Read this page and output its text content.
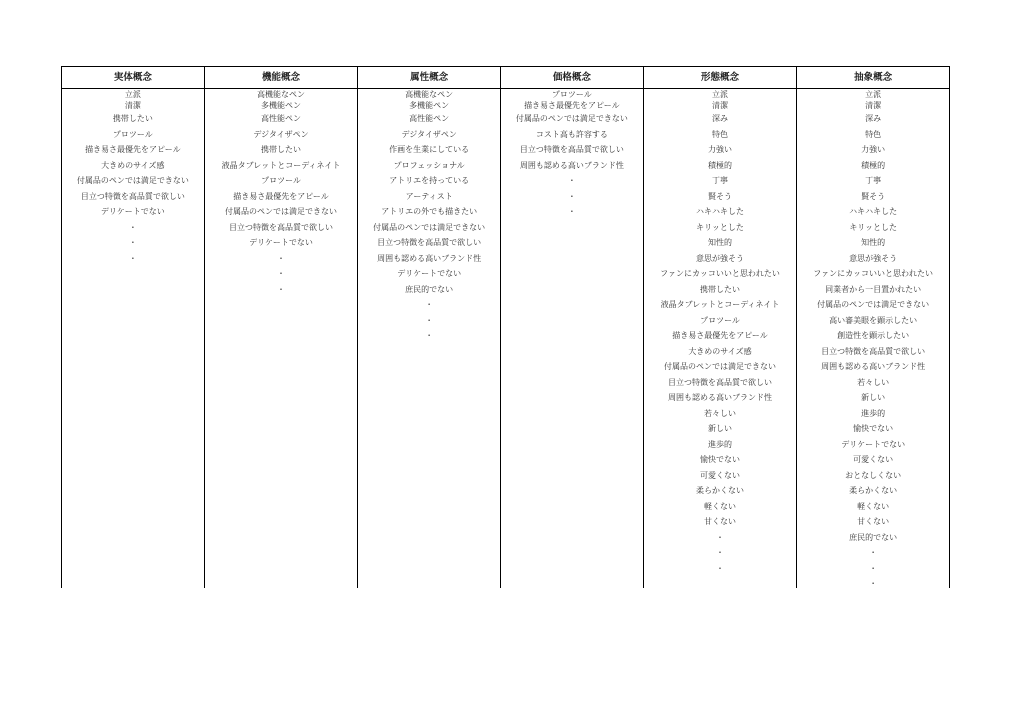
実体概念
立派
清潔
携帯したい
プロツール
描き易さ最優先をアピール
大きめのサイズ感
付属品のペンでは満足できない
目立つ特徴を高品質で欲しい
デリケートでない
・
・
・
機能概念
高機能なペン
多機能ペン
高性能ペン
デジタイザペン
携帯したい
液晶タブレットとコーディネイト
プロツール
描き易さ最優先をアピール
付属品のペンでは満足できない
目立つ特徴を高品質で欲しい
デリケートでない
・
・
・
属性概念
高機能なペン
多機能ペン
高性能ペン
デジタイザペン
作画を生業にしている
プロフェッショナル
アトリエを持っている
アーティスト
アトリエの外でも描きたい
付属品のペンでは満足できない
目立つ特徴を高品質で欲しい
周囲も認める高いブランド性
デリケートでない
庶民的でない
・
・
・
価格概念
プロツール
描き易さ最優先をアピール
付属品のペンでは満足できない
コスト高も許容する
目立つ特徴を高品質で欲しい
周囲も認める高いブランド性
・
・
・
形態概念
立派
清潔
深み
特色
力強い
積極的
丁寧
賢そう
ハキハキした
キリッとした
知性的
意思が強そう
ファンにカッコいいと思われたい
携帯したい
液晶タブレットとコーディネイト
プロツール
描き易さ最優先をアピール
大きめのサイズ感
付属品のペンでは満足できない
目立つ特徴を高品質で欲しい
周囲も認める高いブランド性
若々しい
新しい
進歩的
愉快でない
可愛くない
柔らかくない
軽くない
甘くない
・
・
・
抽象概念
立派
清潔
深み
特色
力強い
積極的
丁寧
賢そう
ハキハキした
キリッとした
知性的
意思が強そう
ファンにカッコいいと思われたい
同業者から一目置かれたい
付属品のペンでは満足できない
高い審美眼を顕示したい
創造性を顕示したい
目立つ特徴を高品質で欲しい
周囲も認める高いブランド性
若々しい
新しい
進歩的
愉快でない
デリケートでない
可愛くない
おとなしくない
柔らかくない
軽くない
甘くない
庶民的でない
・
・
・
